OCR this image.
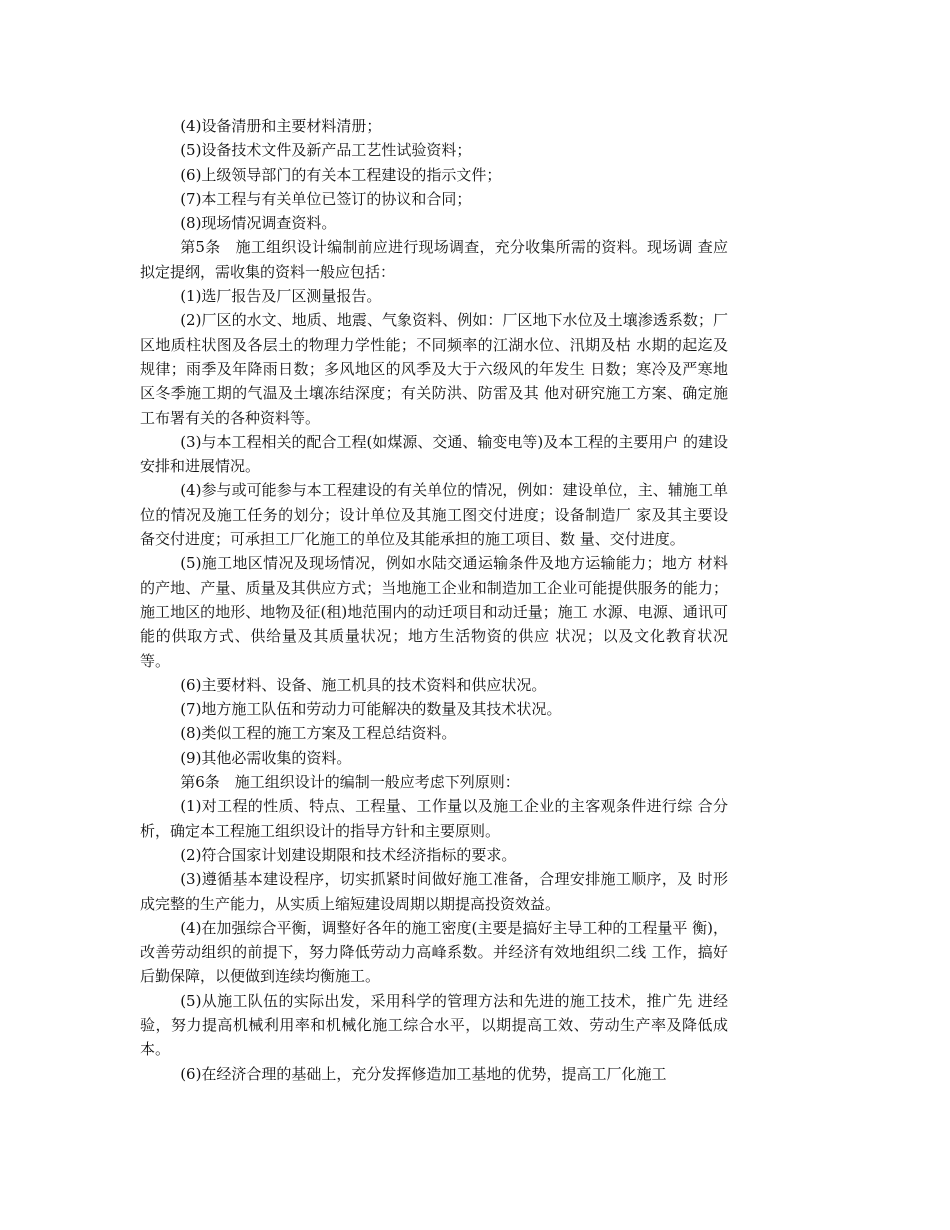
(4)设备清册和主要材料清册；

(5)设备技术文件及新产品工艺性试验资料；

(6)上级领导部门的有关本工程建设的指示文件；

(7)本工程与有关单位已签订的协议和合同；

(8)现场情况调查资料。

第5条　施工组织设计编制前应进行现场调查，充分收集所需的资料。现场调 查应拟定提纲，需收集的资料一般应包括：

(1)选厂报告及厂区测量报告。

(2)厂区的水文、地质、地震、气象资料、例如：厂区地下水位及土壤渗透系数；厂区地质柱状图及各层土的物理力学性能；不同频率的江湖水位、汛期及枯 水期的起迄及规律；雨季及年降雨日数；多风地区的风季及大于六级风的年发生 日数；寒冷及严寒地区冬季施工期的气温及土壤冻结深度；有关防洪、防雷及其 他对研究施工方案、确定施工布署有关的各种资料等。

(3)与本工程相关的配合工程(如煤源、交通、输变电等)及本工程的主要用户 的建设安排和进展情况。

(4)参与或可能参与本工程建设的有关单位的情况，例如：建设单位，主、辅施工单位的情况及施工任务的划分；设计单位及其施工图交付进度；设备制造厂 家及其主要设备交付进度；可承担工厂化施工的单位及其能承担的施工项目、数 量、交付进度。

(5)施工地区情况及现场情况，例如水陆交通运输条件及地方运输能力；地方 材料的产地、产量、质量及其供应方式；当地施工企业和制造加工企业可能提供服务的能力；施工地区的地形、地物及征(租)地范围内的动迁项目和动迁量；施工 水源、电源、通讯可能的供取方式、供给量及其质量状况；地方生活物资的供应 状况；以及文化教育状况等。

(6)主要材料、设备、施工机具的技术资料和供应状况。

(7)地方施工队伍和劳动力可能解决的数量及其技术状况。

(8)类似工程的施工方案及工程总结资料。

(9)其他必需收集的资料。

第6条　施工组织设计的编制一般应考虑下列原则：

(1)对工程的性质、特点、工程量、工作量以及施工企业的主客观条件进行综 合分析，确定本工程施工组织设计的指导方针和主要原则。

(2)符合国家计划建设期限和技术经济指标的要求。

(3)遵循基本建设程序，切实抓紧时间做好施工准备，合理安排施工顺序，及 时形成完整的生产能力，从实质上缩短建设周期以期提高投资效益。

(4)在加强综合平衡，调整好各年的施工密度(主要是搞好主导工种的工程量平 衡)，改善劳动组织的前提下，努力降低劳动力高峰系数。并经济有效地组织二线 工作，搞好后勤保障，以便做到连续均衡施工。

(5)从施工队伍的实际出发，采用科学的管理方法和先进的施工技术，推广先 进经验，努力提高机械利用率和机械化施工综合水平，以期提高工效、劳动生产率及降低成本。

(6)在经济合理的基础上，充分发挥修造加工基地的优势，提高工厂化施工
